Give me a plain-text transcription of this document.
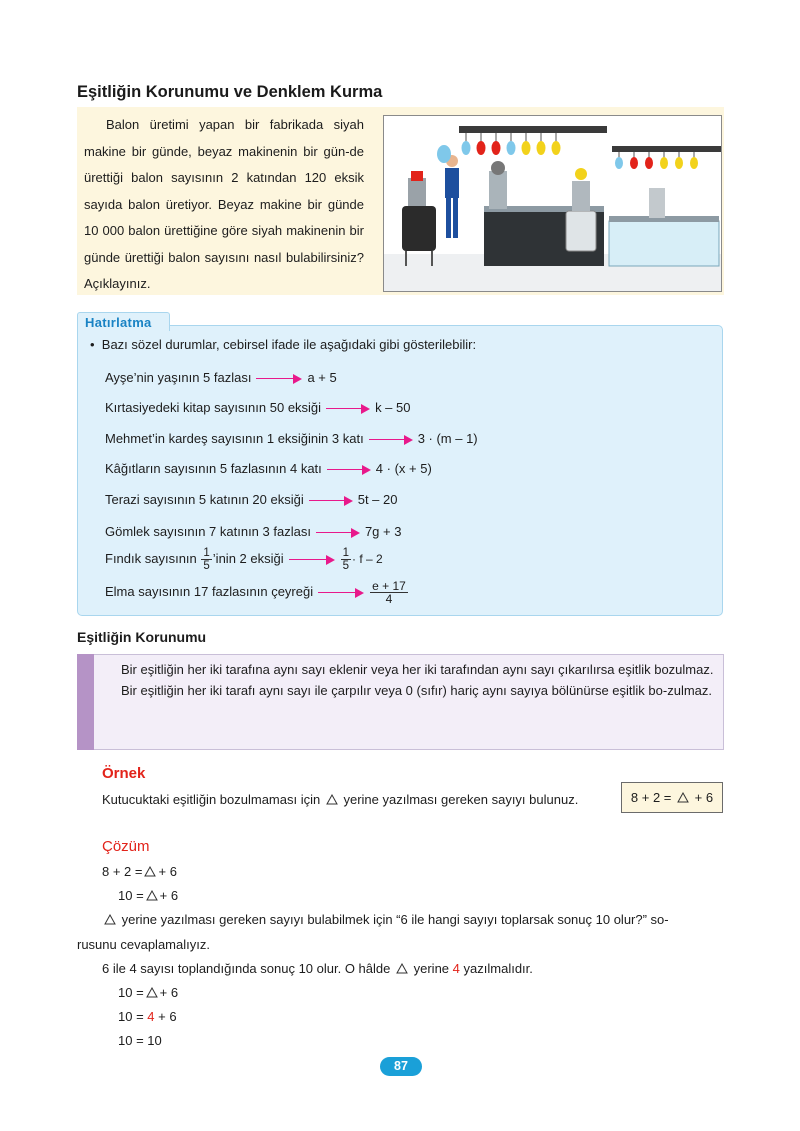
Eşitliğin Korunumu ve Denklem Kurma

Balon üretimi yapan bir fabrikada siyah makine bir günde, beyaz makinenin bir gün-de ürettiği balon sayısının 2 katından 120 eksik sayıda balon üretiyor. Beyaz makine bir günde 10 000 balon ürettiğine göre siyah makinenin bir günde ürettiği balon sayısını nasıl bulabilirsiniz? Açıklayınız.

Hatırlatma
•  Bazı sözel durumlar, cebirsel ifade ile aşağıdaki gibi gösterilebilir:
Ayşe’nin yaşının 5 fazlası	a + 5
Kırtasiyedeki kitap sayısının 50 eksiği	k – 50
Mehmet’in kardeş sayısının 1 eksiğinin 3 katı	3 · (m – 1)
Kâğıtların sayısının 5 fazlasının 4 katı	4 · (x + 5)
Terazi sayısının 5 katının 20 eksiği	5t – 20
Gömlek sayısının 7 katının 3 fazlası	7g + 3
Fındık sayısının $\frac{1}{5}$ ’inin 2 eksiği	$\frac{1}{5} \cdot f - 2$
Elma sayısının 17 fazlasının çeyreği	$\frac{e + 17}{4}$
Eşitliğin Korunumu

Bir eşitliğin her iki tarafına aynı sayı eklenir veya her iki tarafından aynı sayı çıkarılırsa eşitlik bozulmaz.

Bir eşitliğin her iki tarafı aynı sayı ile çarpılır veya 0 (sıfır) hariç aynı sayıya bölünürse eşitlik bo-zulmaz.

Örnek
Kutucuktaki eşitliğin bozulmaması için yerine yazılması gereken sayıyı bulunuz.	8 + 2 = + 6
Çözüm
8 + 2 = + 6
10 = + 6
yerine yazılması gereken sayıyı bulabilmek için “6 ile hangi sayıyı toplarsak sonuç 10 olur?” so-
rusunu cevaplamalıyız.
6 ile 4 sayısı toplandığında sonuç 10 olur. O hâlde yerine 4 yazılmalıdır.
10 = + 6
10 = 4 + 6
10 = 10
87
